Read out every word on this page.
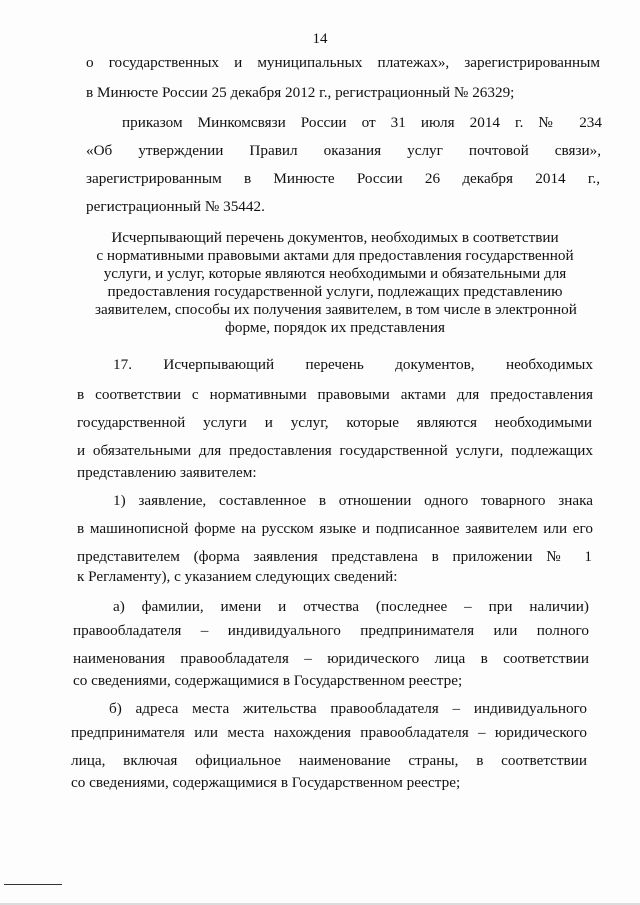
14
о государственных и муниципальных платежах», зарегистрированным
в Минюсте России 25 декабря 2012 г., регистрационный № 26329;
приказом Минкомсвязи России от 31 июля 2014 г. № 234
«Об утверждении Правил оказания услуг почтовой связи»,
зарегистрированным в Минюсте России 26 декабря 2014 г.,
регистрационный № 35442.
Исчерпывающий перечень документов, необходимых в соответствии
с нормативными правовыми актами для предоставления государственной
услуги, и услуг, которые являются необходимыми и обязательными для
предоставления государственной услуги, подлежащих представлению
заявителем, способы их получения заявителем, в том числе в электронной
форме, порядок их представления
17. Исчерпывающий перечень документов, необходимых
в соответствии с нормативными правовыми актами для предоставления
государственной услуги и услуг, которые являются необходимыми
и обязательными для предоставления государственной услуги, подлежащих
представлению заявителем:
1) заявление, составленное в отношении одного товарного знака
в машинописной форме на русском языке и подписанное заявителем или его
представителем (форма заявления представлена в приложении № 1
к Регламенту), с указанием следующих сведений:
а) фамилии, имени и отчества (последнее – при наличии)
правообладателя – индивидуального предпринимателя или полного
наименования правообладателя – юридического лица в соответствии
со сведениями, содержащимися в Государственном реестре;
б) адреса места жительства правообладателя – индивидуального
предпринимателя или места нахождения правообладателя – юридического
лица, включая официальное наименование страны, в соответствии
со сведениями, содержащимися в Государственном реестре;
